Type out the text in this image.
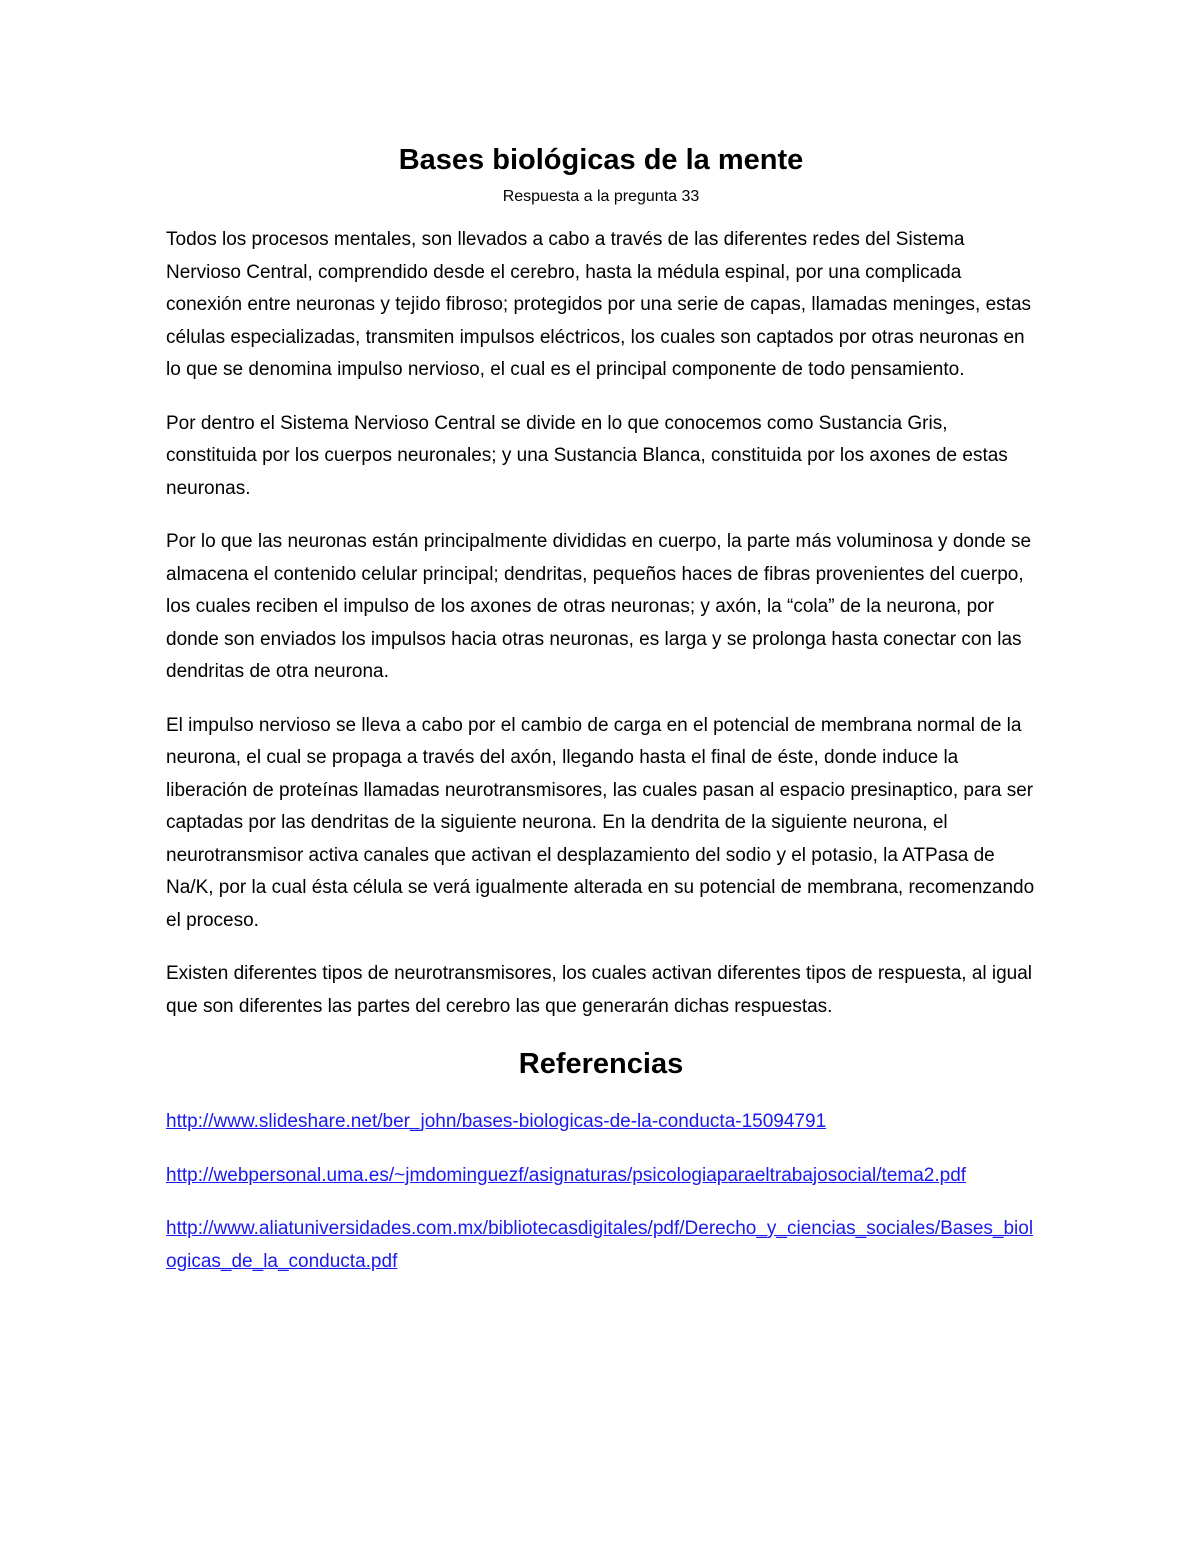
Bases biológicas de la mente
Respuesta a la pregunta 33

Todos los procesos mentales, son llevados a cabo a través de las diferentes redes del Sistema Nervioso Central, comprendido desde el cerebro, hasta la médula espinal, por una complicada conexión entre neuronas y tejido fibroso; protegidos por una serie de capas, llamadas meninges, estas células especializadas, transmiten impulsos eléctricos, los cuales son captados por otras neuronas en lo que se denomina impulso nervioso, el cual es el principal componente de todo pensamiento.

Por dentro el Sistema Nervioso Central se divide en lo que conocemos como Sustancia Gris, constituida por los cuerpos neuronales; y una Sustancia Blanca, constituida por los axones de estas neuronas.

Por lo que las neuronas están principalmente divididas en cuerpo, la parte más voluminosa y donde se almacena el contenido celular principal; dendritas, pequeños haces de fibras provenientes del cuerpo, los cuales reciben el impulso de los axones de otras neuronas; y axón, la “cola” de la neurona, por donde son enviados los impulsos hacia otras neuronas, es larga y se prolonga hasta conectar con las dendritas de otra neurona.

El impulso nervioso se lleva a cabo por el cambio de carga en el potencial de membrana normal de la neurona, el cual se propaga a través del axón, llegando hasta el final de éste, donde induce la liberación de proteínas llamadas neurotransmisores, las cuales pasan al espacio presinaptico, para ser captadas por las dendritas de la siguiente neurona. En la dendrita de la siguiente neurona, el neurotransmisor activa canales que activan el desplazamiento del sodio y el potasio, la ATPasa de Na/K, por la cual ésta célula se verá igualmente alterada en su potencial de membrana, recomenzando el proceso.

Existen diferentes tipos de neurotransmisores, los cuales activan diferentes tipos de respuesta, al igual que son diferentes las partes del cerebro las que generarán dichas respuestas.

Referencias

http://www.slideshare.net/ber_john/bases-biologicas-de-la-conducta-15094791

http://webpersonal.uma.es/~jmdominguezf/asignaturas/psicologiaparaeltrabajosocial/tema2.pdf

http://www.aliatuniversidades.com.mx/bibliotecasdigitales/pdf/Derecho_y_ciencias_sociales/Bases_biologicas_de_la_conducta.pdf
